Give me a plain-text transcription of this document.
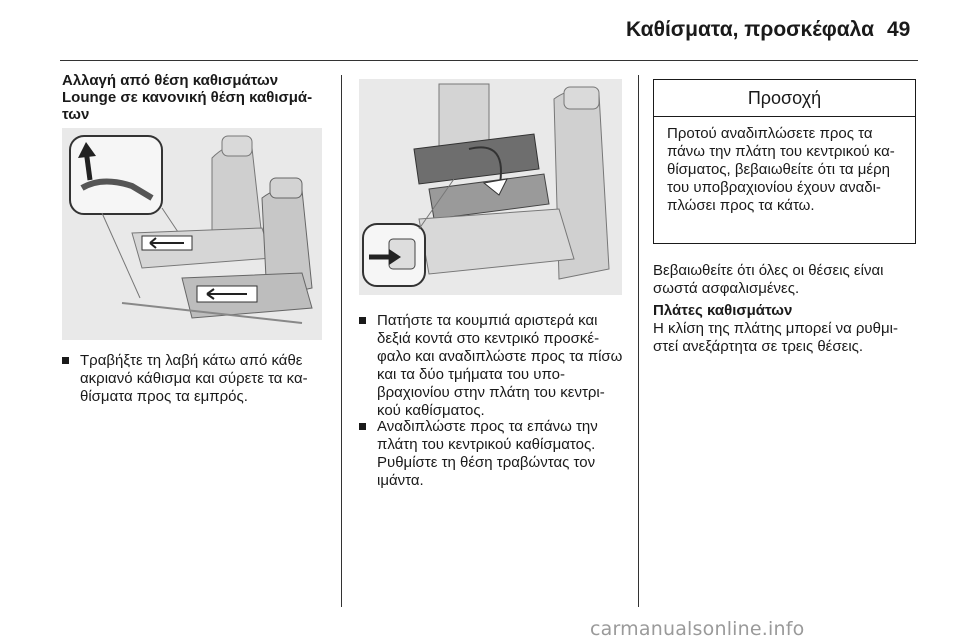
Καθίσματα, προσκέφαλα 49
Αλλαγή από θέση καθισμάτων Lounge σε κανονική θέση καθισμά-των
Τραβήξτε τη λαβή κάτω από κάθε ακριανό κάθισμα και σύρετε τα κα-θίσματα προς τα εμπρός.
Πατήστε τα κουμπιά αριστερά και δεξιά κοντά στο κεντρικό προσκέ-φαλο και αναδιπλώστε προς τα πίσω και τα δύο τμήματα του υπο-βραχιονίου στην πλάτη του κεντρι-κού καθίσματος.
Αναδιπλώστε προς τα επάνω την πλάτη του κεντρικού καθίσματος. Ρυθμίστε τη θέση τραβώντας τον ιμάντα.
Προσοχή
Προτού αναδιπλώσετε προς τα πάνω την πλάτη του κεντρικού κα-θίσματος, βεβαιωθείτε ότι τα μέρη του υποβραχιονίου έχουν αναδι-πλώσει προς τα κάτω.

Βεβαιωθείτε ότι όλες οι θέσεις είναι σωστά ασφαλισμένες.

Πλάτες καθισμάτων

Η κλίση της πλάτης μπορεί να ρυθμι-στεί ανεξάρτητα σε τρεις θέσεις.

carmanualsonline.info
